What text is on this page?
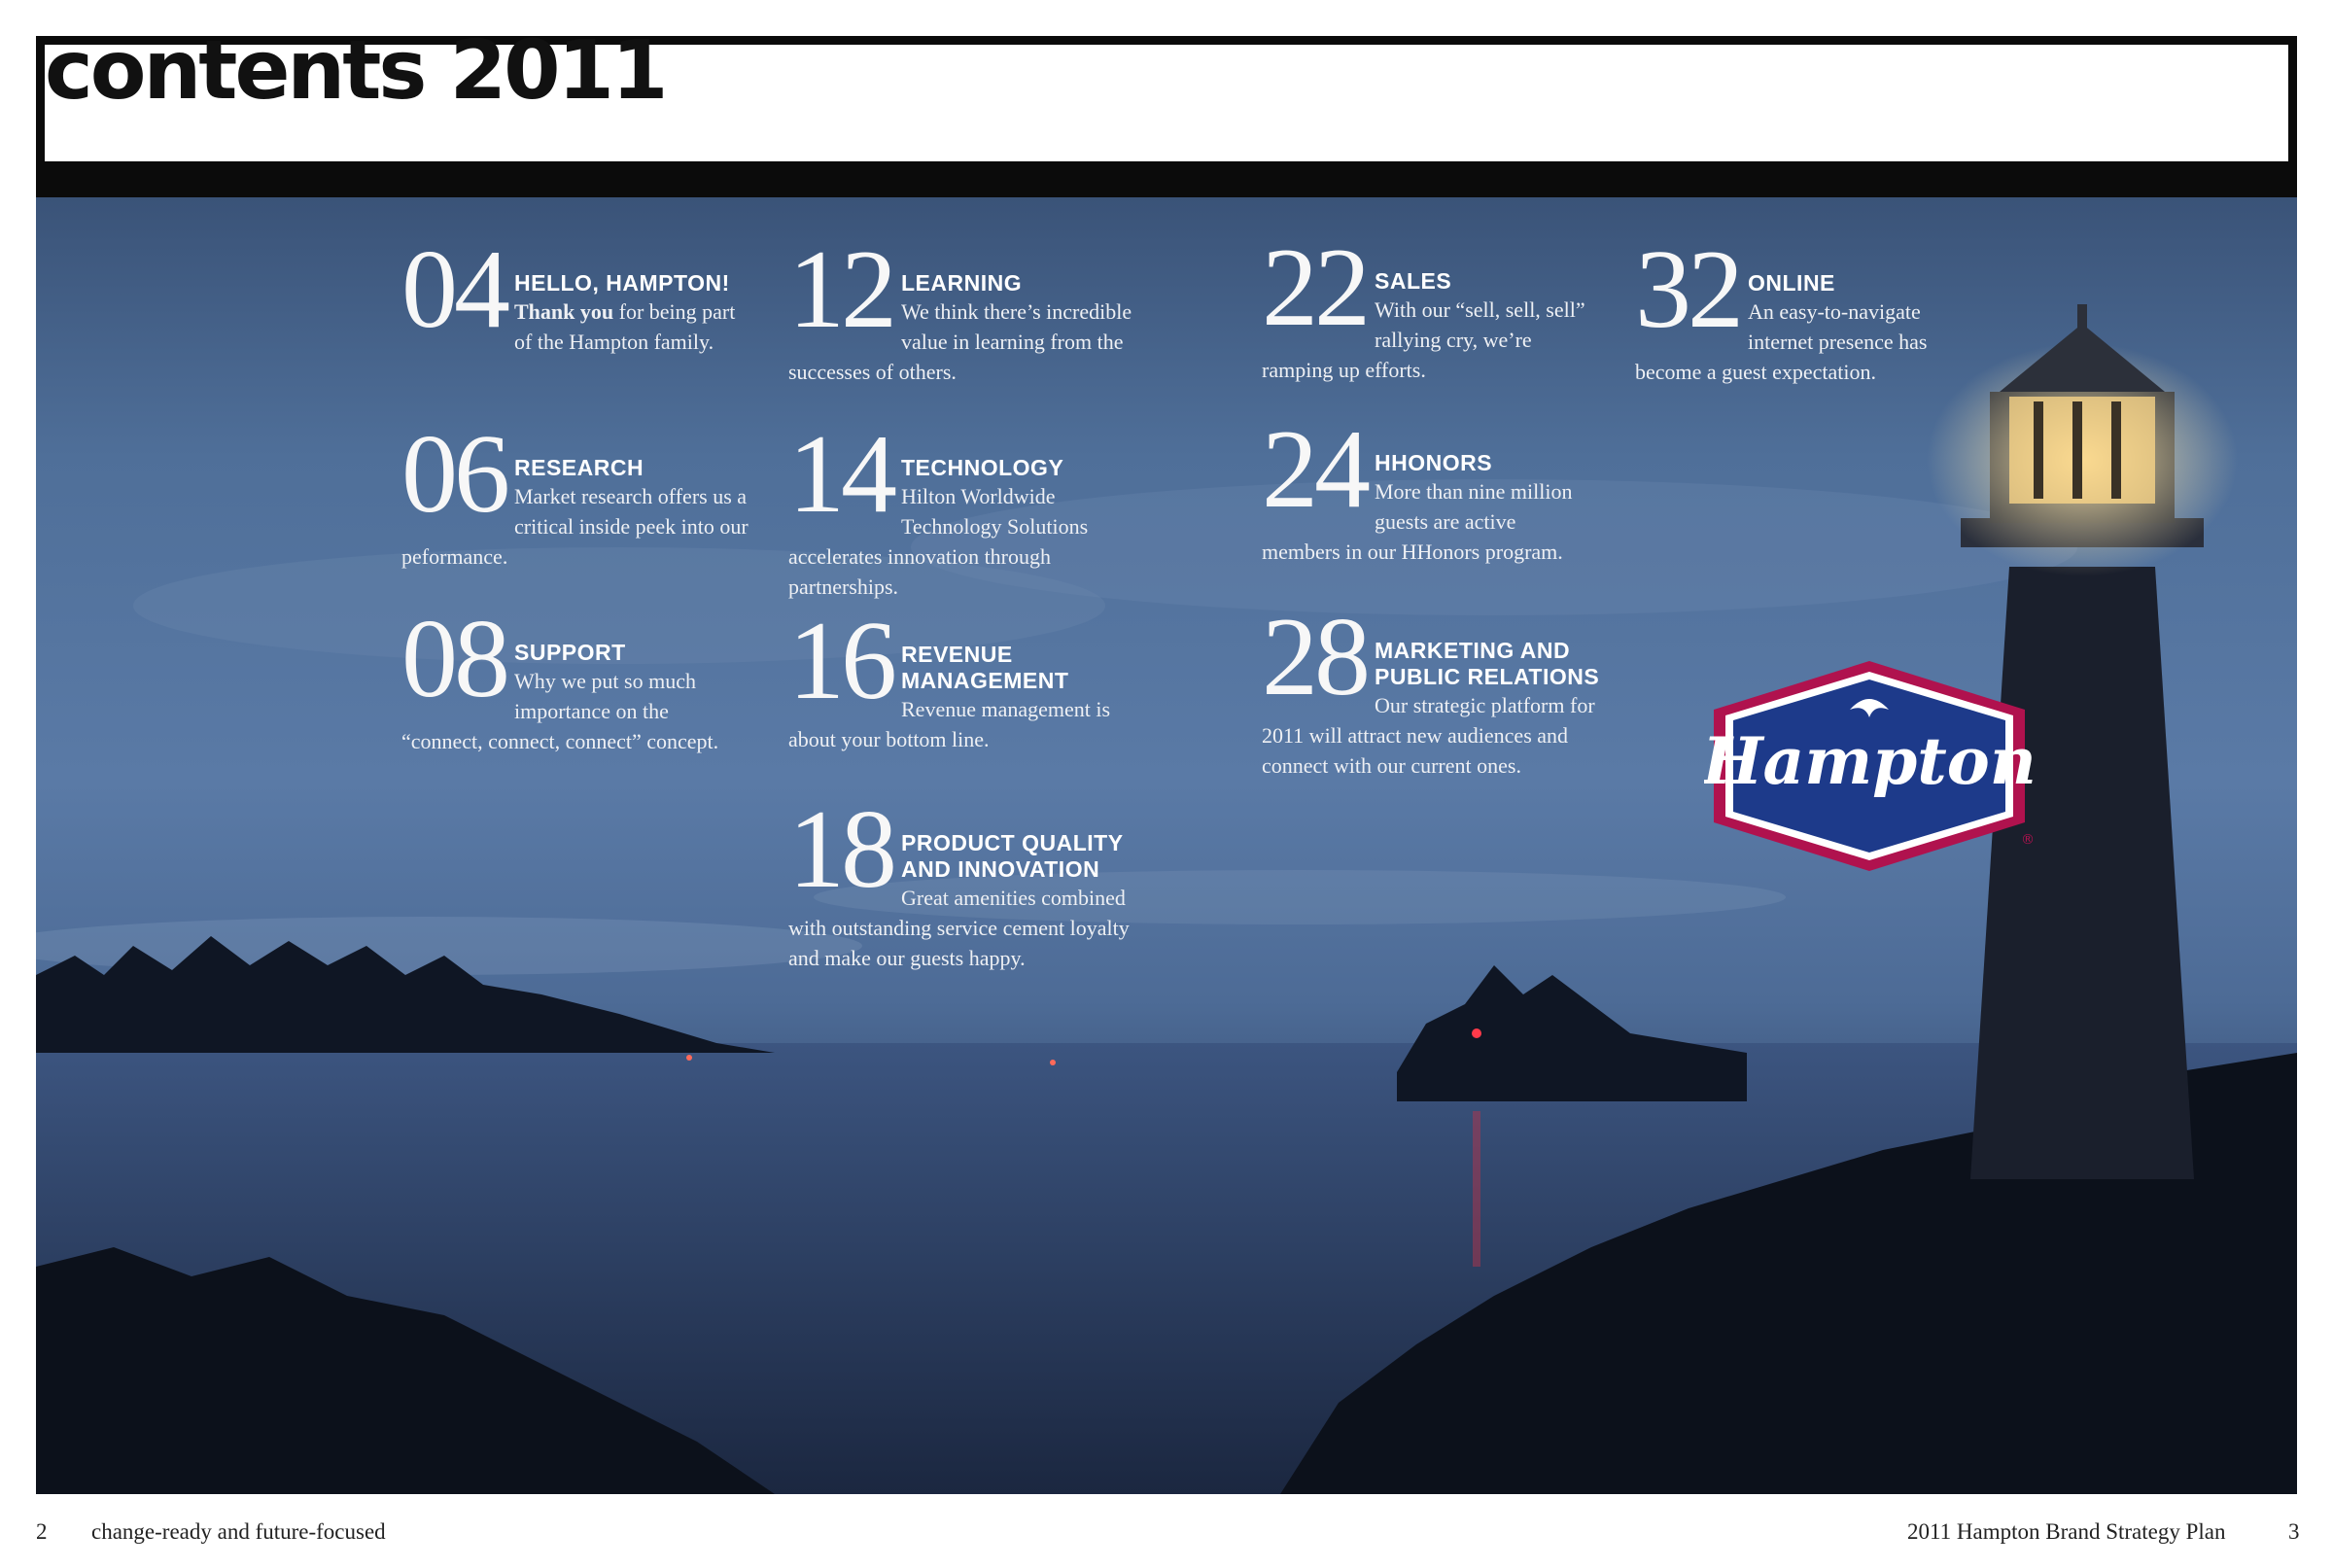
contents 2011
04 HELLO, HAMPTON!
Thank you for being part of the Hampton family.
06 RESEARCH
Market research offers us a critical inside peek into our peformance.
08 SUPPORT
Why we put so much importance on the “connect, connect, connect” concept.
12 LEARNING
We think there’s incredible value in learning from the successes of others.
14 TECHNOLOGY
Hilton Worldwide Technology Solutions accelerates innovation through partnerships.
16 REVENUE MANAGEMENT
Revenue management is about your bottom line.
18 PRODUCT QUALITY AND INNOVATION
Great amenities combined with outstanding service cement loyalty and make our guests happy.
22 SALES
With our “sell, sell, sell” rallying cry, we’re ramping up efforts.
24 HHONORS
More than nine million guests are active members in our HHonors program.
28 MARKETING AND PUBLIC RELATIONS
Our strategic platform for 2011 will attract new audiences and connect with our current ones.
32 ONLINE
An easy-to-navigate internet presence has become a guest expectation.
Hampton
®
2 change-ready and future-focused	2011 Hampton Brand Strategy Plan	3
